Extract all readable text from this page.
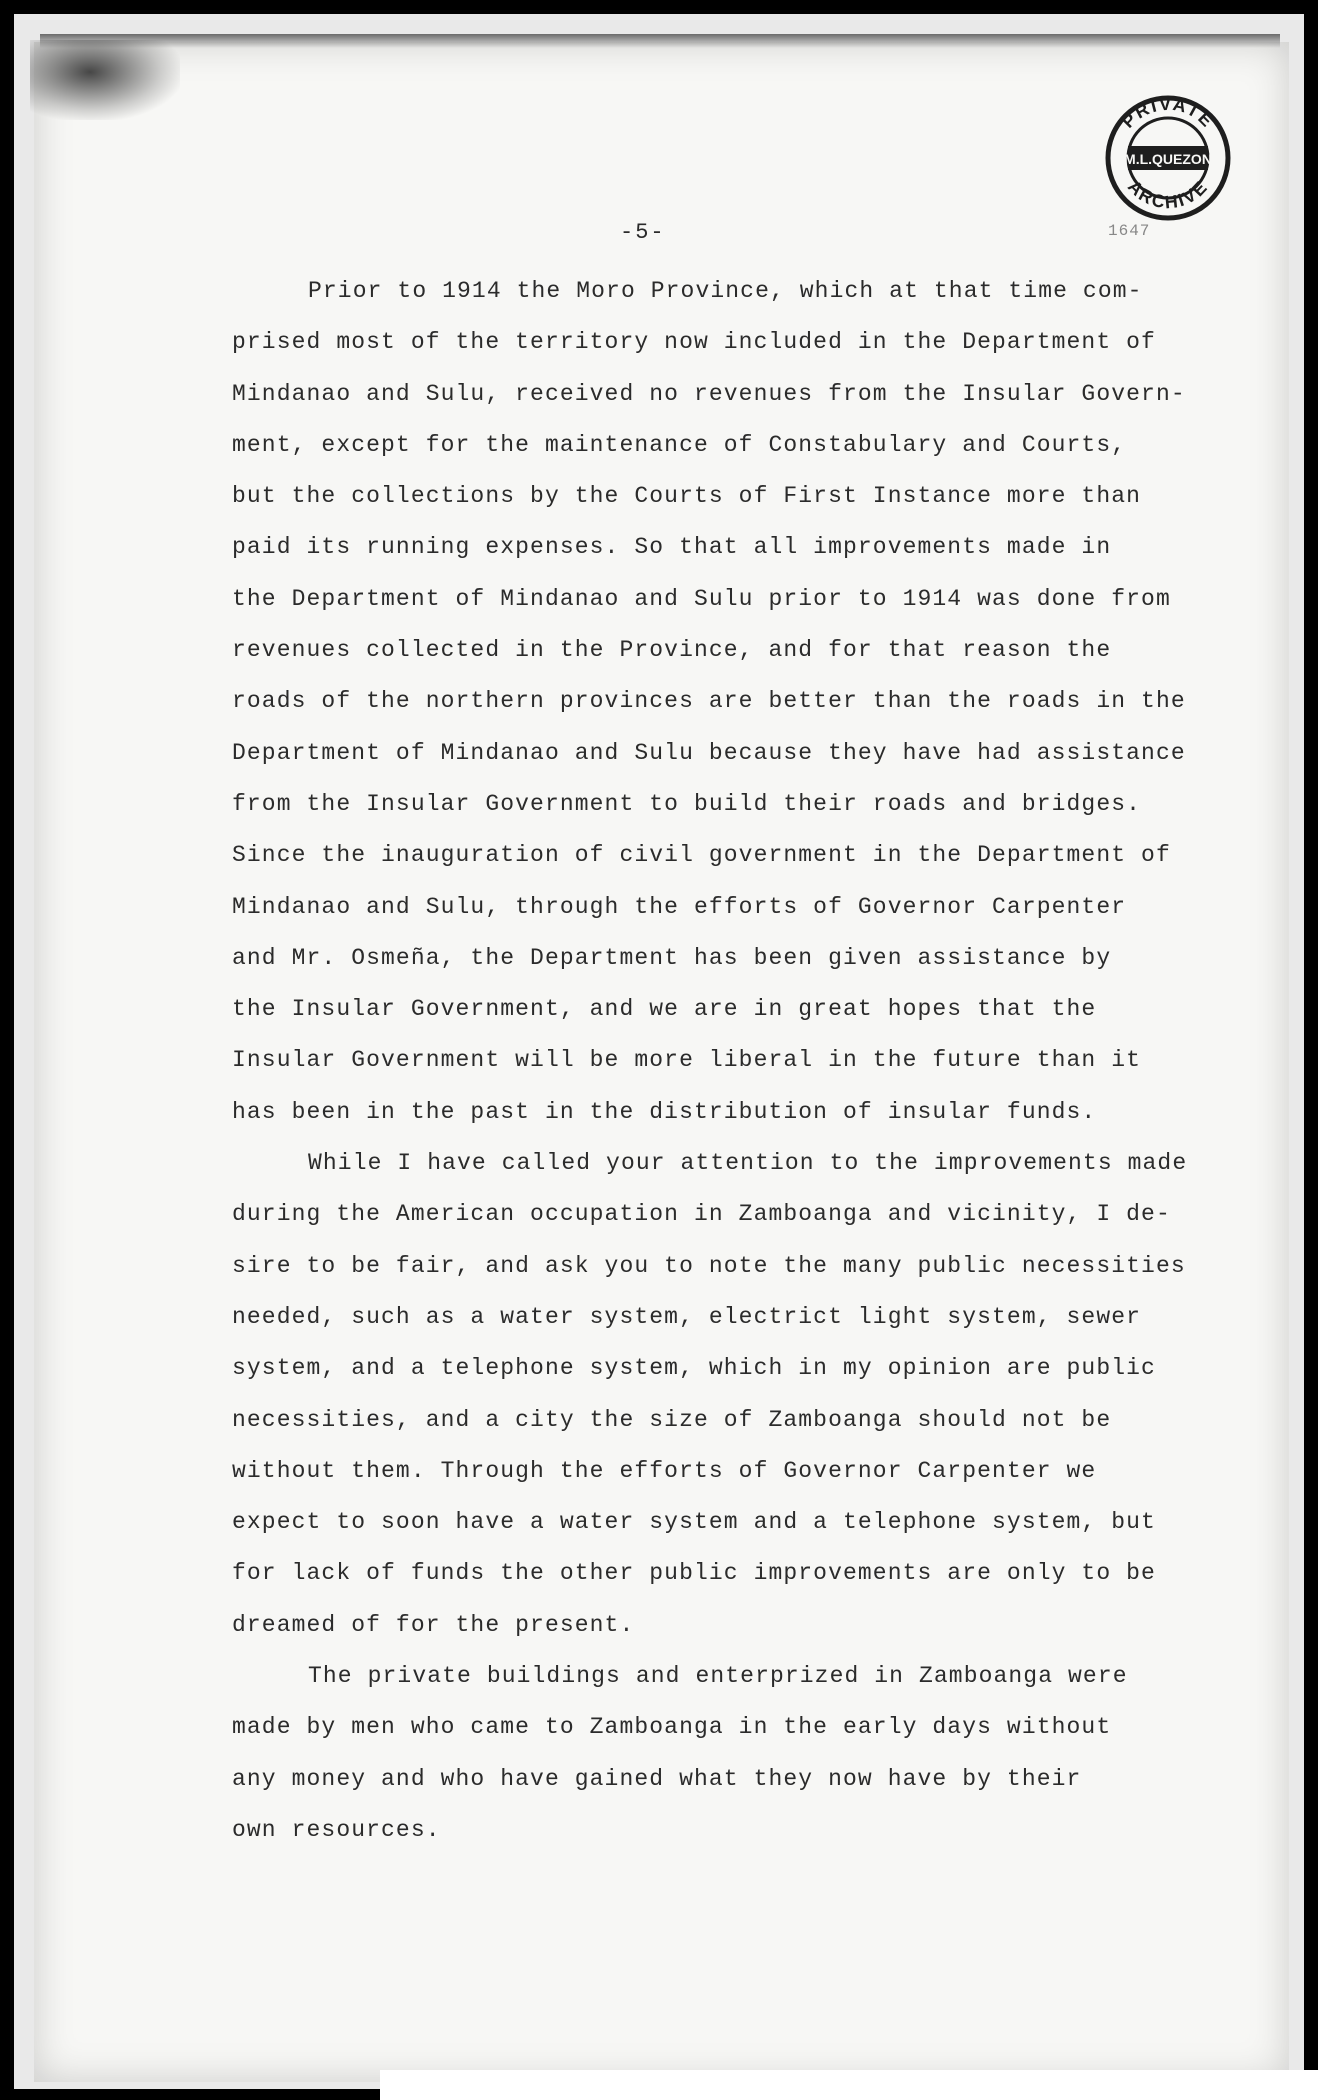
PRIVATE
ARCHIVE
M.L.QUEZON
-5-	1647
Prior to 1914 the Moro Province, which at that time com-
prised most of the territory now included in the Department of
Mindanao and Sulu, received no revenues from the Insular Govern-
ment, except for the maintenance of Constabulary and Courts,
but the collections by the Courts of First Instance more than
paid its running expenses. So that all improvements made in
the Department of Mindanao and Sulu prior to 1914 was done from
revenues collected in the Province, and for that reason the
roads of the northern provinces are better than the roads in the
Department of Mindanao and Sulu because they have had assistance
from the Insular Government to build their roads and bridges.
Since the inauguration of civil government in the Department of
Mindanao and Sulu, through the efforts of Governor Carpenter
and Mr. Osmeña, the Department has been given assistance by
the Insular Government, and we are in great hopes that the
Insular Government will be more liberal in the future than it
has been in the past in the distribution of insular funds.
While I have called your attention to the improvements made
during the American occupation in Zamboanga and vicinity, I de-
sire to be fair, and ask you to note the many public necessities
needed, such as a water system, electrict light system, sewer
system, and a telephone system, which in my opinion are public
necessities, and a city the size of Zamboanga should not be
without them. Through the efforts of Governor Carpenter we
expect to soon have a water system and a telephone system, but
for lack of funds the other public improvements are only to be
dreamed of for the present.
The private buildings and enterprized in Zamboanga were
made by men who came to Zamboanga in the early days without
any money and who have gained what they now have by their
own resources.
